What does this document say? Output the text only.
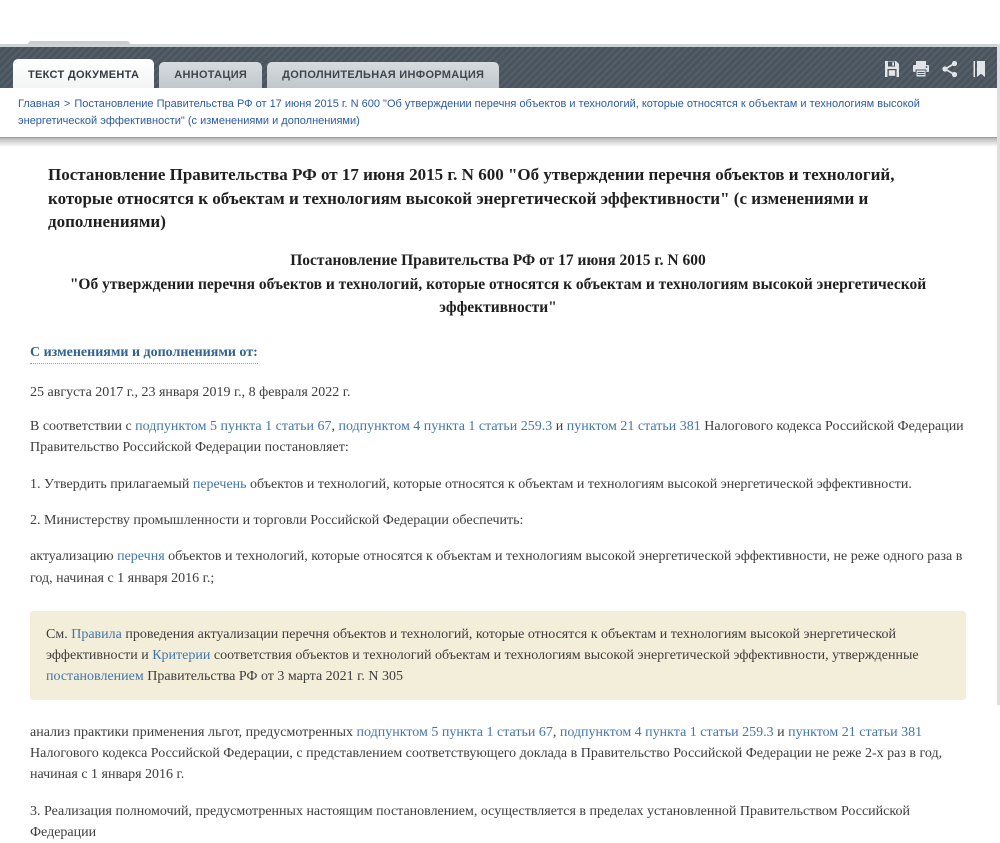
ТЕКСТ ДОКУМЕНТА	АННОТАЦИЯ	ДОПОЛНИТЕЛЬНАЯ ИНФОРМАЦИЯ
Главная > Постановление Правительства РФ от 17 июня 2015 г. N 600 "Об утверждении перечня объектов и технологий, которые относятся к объектам и технологиям высокой энергетической эффективности" (с изменениями и дополнениями)
Постановление Правительства РФ от 17 июня 2015 г. N 600 "Об утверждении перечня объектов и технологий, которые относятся к объектам и технологиям высокой энергетической эффективности" (с изменениями и дополнениями)
Постановление Правительства РФ от 17 июня 2015 г. N 600
"Об утверждении перечня объектов и технологий, которые относятся к объектам и технологиям высокой энергетической эффективности"
С изменениями и дополнениями от:
25 августа 2017 г., 23 января 2019 г., 8 февраля 2022 г.

В соответствии с подпунктом 5 пункта 1 статьи 67, подпунктом 4 пункта 1 статьи 259.3 и пунктом 21 статьи 381 Налогового кодекса Российской Федерации Правительство Российской Федерации постановляет:

1. Утвердить прилагаемый перечень объектов и технологий, которые относятся к объектам и технологиям высокой энергетической эффективности.

2. Министерству промышленности и торговли Российской Федерации обеспечить:

актуализацию перечня объектов и технологий, которые относятся к объектам и технологиям высокой энергетической эффективности, не реже одного раза в год, начиная с 1 января 2016 г.;

См. Правила проведения актуализации перечня объектов и технологий, которые относятся к объектам и технологиям высокой энергетической эффективности и Критерии соответствия объектов и технологий объектам и технологиям высокой энергетической эффективности, утвержденные постановлением Правительства РФ от 3 марта 2021 г. N 305

анализ практики применения льгот, предусмотренных подпунктом 5 пункта 1 статьи 67, подпунктом 4 пункта 1 статьи 259.3 и пунктом 21 статьи 381 Налогового кодекса Российской Федерации, с представлением соответствующего доклада в Правительство Российской Федерации не реже 2-х раз в год, начиная с 1 января 2016 г.

3. Реализация полномочий, предусмотренных настоящим постановлением, осуществляется в пределах установленной Правительством Российской Федерации
